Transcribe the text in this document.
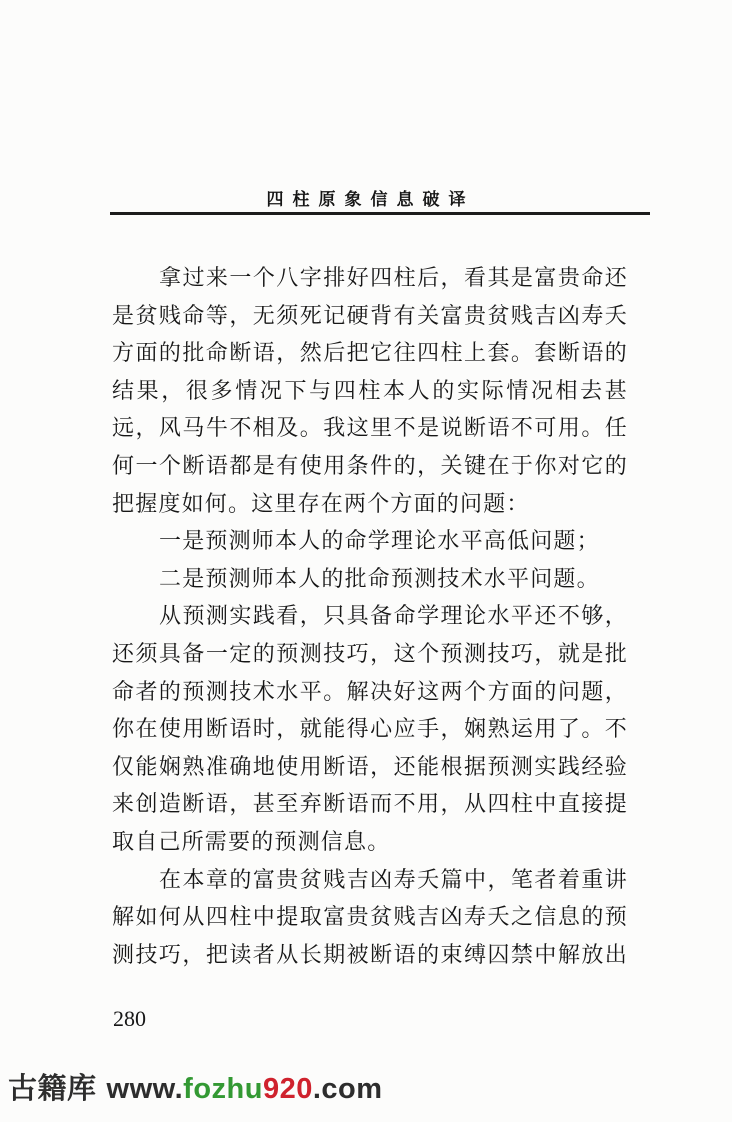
四柱原象信息破译
拿过来一个八字排好四柱后，看其是富贵命还
是贫贱命等，无须死记硬背有关富贵贫贱吉凶寿夭
方面的批命断语，然后把它往四柱上套。套断语的
结果，很多情况下与四柱本人的实际情况相去甚
远，风马牛不相及。我这里不是说断语不可用。任
何一个断语都是有使用条件的，关键在于你对它的
把握度如何。这里存在两个方面的问题：
一是预测师本人的命学理论水平高低问题；
二是预测师本人的批命预测技术水平问题。
从预测实践看，只具备命学理论水平还不够，
还须具备一定的预测技巧，这个预测技巧，就是批
命者的预测技术水平。解决好这两个方面的问题，
你在使用断语时，就能得心应手，娴熟运用了。不
仅能娴熟准确地使用断语，还能根据预测实践经验
来创造断语，甚至弃断语而不用，从四柱中直接提
取自己所需要的预测信息。
在本章的富贵贫贱吉凶寿夭篇中，笔者着重讲
解如何从四柱中提取富贵贫贱吉凶寿夭之信息的预
测技巧，把读者从长期被断语的束缚囚禁中解放出
280
古籍库 www.fozhu920.com
